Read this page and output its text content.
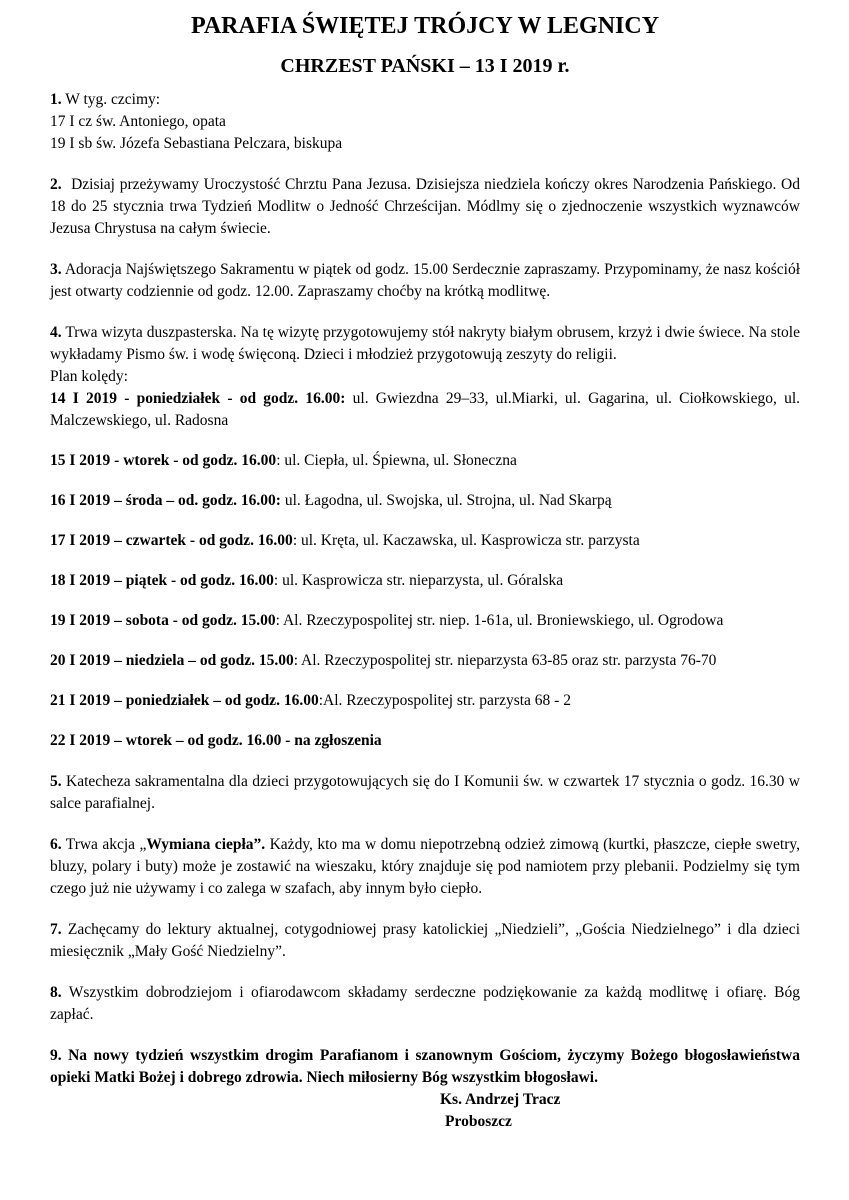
PARAFIA ŚWIĘTEJ TRÓJCY W LEGNICY
CHRZEST PAŃSKI – 13 I 2019 r.

1. W tyg. czcimy:

17 I cz św. Antoniego, opata

19 I sb św. Józefa Sebastiana Pelczara, biskupa

2. Dzisiaj przeżywamy Uroczystość Chrztu Pana Jezusa. Dzisiejsza niedziela kończy okres Narodzenia Pańskiego. Od 18 do 25 stycznia trwa Tydzień Modlitw o Jedność Chrześcijan. Módlmy się o zjednoczenie wszystkich wyznawców Jezusa Chrystusa na całym świecie.

3. Adoracja Najświętszego Sakramentu w piątek od godz. 15.00 Serdecznie zapraszamy. Przypominamy, że nasz kościół jest otwarty codziennie od godz. 12.00. Zapraszamy choćby na krótką modlitwę.

4. Trwa wizyta duszpasterska. Na tę wizytę przygotowujemy stół nakryty białym obrusem, krzyż i dwie świece. Na stole wykładamy Pismo św. i wodę święconą. Dzieci i młodzież przygotowują zeszyty do religii.

Plan kolędy:

14 I 2019 - poniedziałek - od godz. 16.00: ul. Gwiezdna 29–33, ul.Miarki, ul. Gagarina, ul. Ciołkowskiego, ul. Malczewskiego, ul. Radosna

15 I 2019 - wtorek - od godz. 16.00: ul. Ciepła, ul. Śpiewna, ul. Słoneczna

16 I 2019 – środa – od. godz. 16.00: ul. Łagodna, ul. Swojska, ul. Strojna, ul. Nad Skarpą

17 I 2019 – czwartek - od godz. 16.00: ul. Kręta, ul. Kaczawska, ul. Kasprowicza str. parzysta

18 I 2019 – piątek - od godz. 16.00: ul. Kasprowicza str. nieparzysta, ul. Góralska

19 I 2019 – sobota - od godz. 15.00: Al. Rzeczypospolitej str. niep. 1-61a, ul. Broniewskiego, ul. Ogrodowa

20 I 2019 – niedziela – od godz. 15.00: Al. Rzeczypospolitej str. nieparzysta 63-85 oraz str. parzysta 76-70

21 I 2019 – poniedziałek – od godz. 16.00:Al. Rzeczypospolitej str. parzysta 68 - 2

22 I 2019 – wtorek – od godz. 16.00 - na zgłoszenia

5. Katecheza sakramentalna dla dzieci przygotowujących się do I Komunii św. w czwartek 17 stycznia o godz. 16.30 w salce parafialnej.

6. Trwa akcja „Wymiana ciepła”. Każdy, kto ma w domu niepotrzebną odzież zimową (kurtki, płaszcze, ciepłe swetry, bluzy, polary i buty) może je zostawić na wieszaku, który znajduje się pod namiotem przy plebanii. Podzielmy się tym czego już nie używamy i co zalega w szafach, aby innym było ciepło.

7. Zachęcamy do lektury aktualnej, cotygodniowej prasy katolickiej „Niedzieli”, „Gościa Niedzielnego” i dla dzieci miesięcznik „Mały Gość Niedzielny”.

8. Wszystkim dobrodziejom i ofiarodawcom składamy serdeczne podziękowanie za każdą modlitwę i ofiarę. Bóg zapłać.

9. Na nowy tydzień wszystkim drogim Parafianom i szanownym Gościom, życzymy Bożego błogosławieństwa opieki Matki Bożej i dobrego zdrowia. Niech miłosierny Bóg wszystkim błogosławi.

Ks. Andrzej Tracz

Proboszcz
